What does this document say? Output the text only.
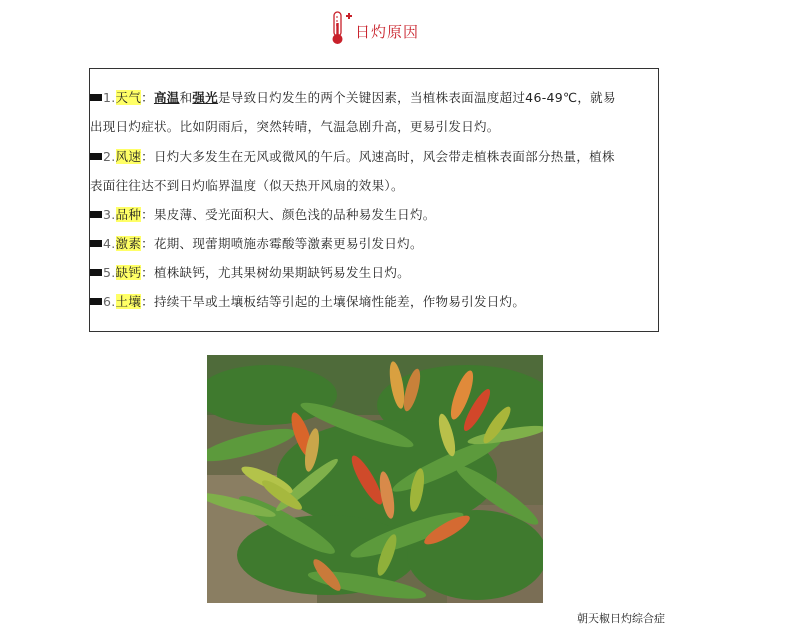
日灼原因
1.天气：高温和强光是导致日灼发生的两个关键因素，当植株表面温度超过46-49℃，就易
出现日灼症状。比如阴雨后，突然转晴，气温急剧升高，更易引发日灼。
2.风速：日灼大多发生在无风或微风的午后。风速高时，风会带走植株表面部分热量，植株
表面往往达不到日灼临界温度（似天热开风扇的效果）。
3.品种：果皮薄、受光面积大、颜色浅的品种易发生日灼。
4.激素：花期、现蕾期喷施赤霉酸等激素更易引发日灼。
5.缺钙：植株缺钙，尤其果树幼果期缺钙易发生日灼。
6.土壤：持续干旱或土壤板结等引起的土壤保墒性能差，作物易引发日灼。
朝天椒日灼综合症
